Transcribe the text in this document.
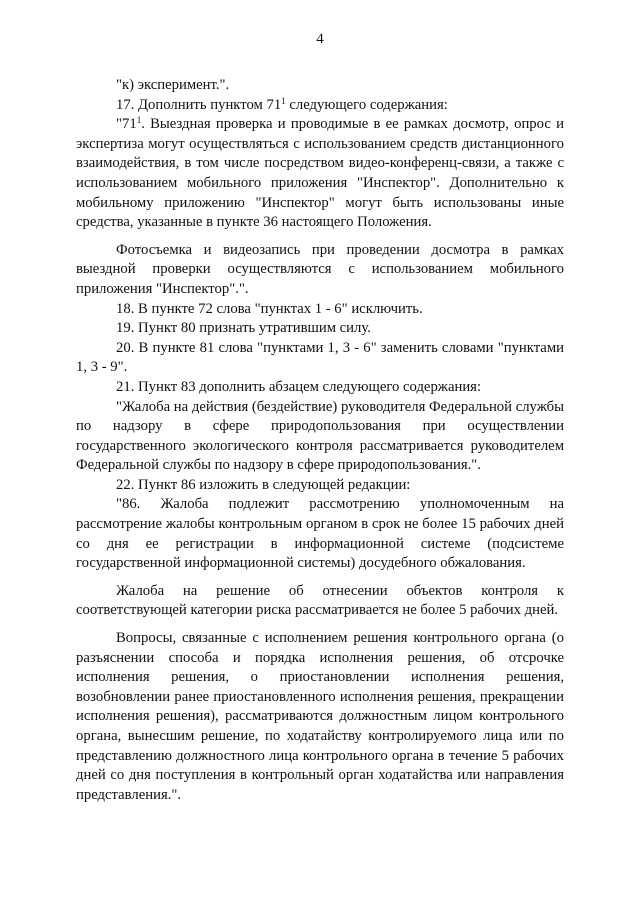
4

"к) эксперимент.".

17. Дополнить пунктом $71^1$ следующего содержания:

"$71^1$. Выездная проверка и проводимые в ее рамках досмотр, опрос и экспертиза могут осуществляться с использованием средств дистанционного взаимодействия, в том числе посредством видео-конференц-связи, а также с использованием мобильного приложения "Инспектор". Дополнительно к мобильному приложению "Инспектор" могут быть использованы иные средства, указанные в пункте 36 настоящего Положения.

Фотосъемка и видеозапись при проведении досмотра в рамках выездной проверки осуществляются с использованием мобильного приложения "Инспектор".".

18. В пункте 72 слова "пунктах 1 - 6" исключить.

19. Пункт 80 признать утратившим силу.

20. В пункте 81 слова "пунктами 1, 3 - 6" заменить словами "пунктами 1, 3 - 9".

21. Пункт 83 дополнить абзацем следующего содержания:

"Жалоба на действия (бездействие) руководителя Федеральной службы по надзору в сфере природопользования при осуществлении государственного экологического контроля рассматривается руководителем Федеральной службы по надзору в сфере природопользования.".

22. Пункт 86 изложить в следующей редакции:

"86. Жалоба подлежит рассмотрению уполномоченным на рассмотрение жалобы контрольным органом в срок не более 15 рабочих дней со дня ее регистрации в информационной системе (подсистеме государственной информационной системы) досудебного обжалования.

Жалоба на решение об отнесении объектов контроля к соответствующей категории риска рассматривается не более 5 рабочих дней.

Вопросы, связанные с исполнением решения контрольного органа (о разъяснении способа и порядка исполнения решения, об отсрочке исполнения решения, о приостановлении исполнения решения, возобновлении ранее приостановленного исполнения решения, прекращении исполнения решения), рассматриваются должностным лицом контрольного органа, вынесшим решение, по ходатайству контролируемого лица или по представлению должностного лица контрольного органа в течение 5 рабочих дней со дня поступления в контрольный орган ходатайства или направления представления.".
